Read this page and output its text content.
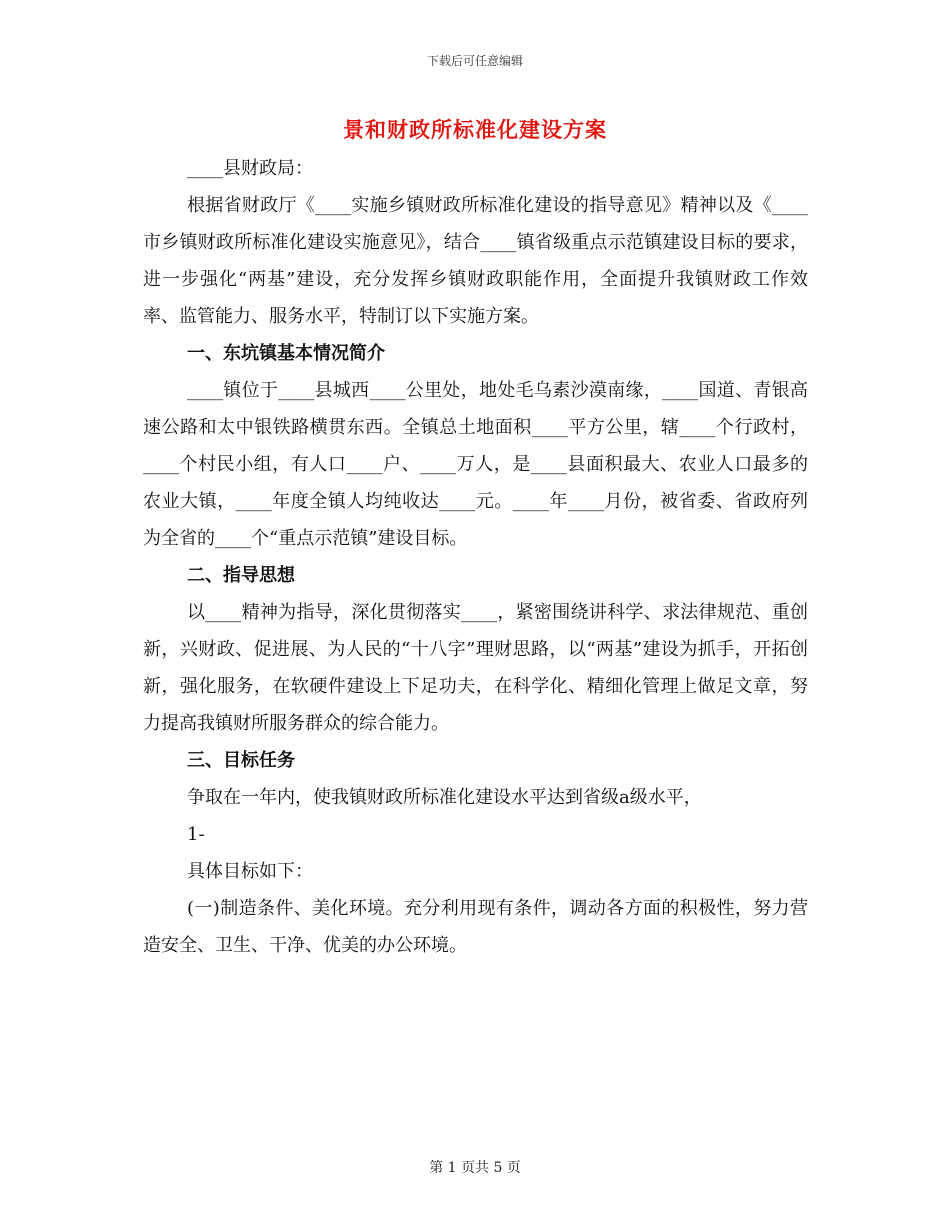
下载后可任意编辑
景和财政所标准化建设方案

____县财政局：

根据省财政厅《____实施乡镇财政所标准化建设的指导意见》精神以及《____市乡镇财政所标准化建设实施意见》，结合____镇省级重点示范镇建设目标的要求，进一步强化“两基”建设，充分发挥乡镇财政职能作用，全面提升我镇财政工作效率、监管能力、服务水平，特制订以下实施方案。

一、东坑镇基本情况简介

____镇位于____县城西____公里处，地处毛乌素沙漠南缘，____国道、青银高速公路和太中银铁路横贯东西。全镇总土地面积____平方公里，辖____个行政村，____个村民小组，有人口____户、____万人，是____县面积最大、农业人口最多的农业大镇，____年度全镇人均纯收达____元。____年____月份，被省委、省政府列为全省的____个“重点示范镇”建设目标。

二、指导思想

以____精神为指导，深化贯彻落实____，紧密围绕讲科学、求法律规范、重创新，兴财政、促进展、为人民的“十八字”理财思路，以“两基”建设为抓手，开拓创新，强化服务，在软硬件建设上下足功夫，在科学化、精细化管理上做足文章，努力提高我镇财所服务群众的综合能力。

三、目标任务

争取在一年内，使我镇财政所标准化建设水平达到省级a级水平，

1-

具体目标如下：

(一)制造条件、美化环境。充分利用现有条件，调动各方面的积极性，努力营造安全、卫生、干净、优美的办公环境。

第 1 页共 5 页
